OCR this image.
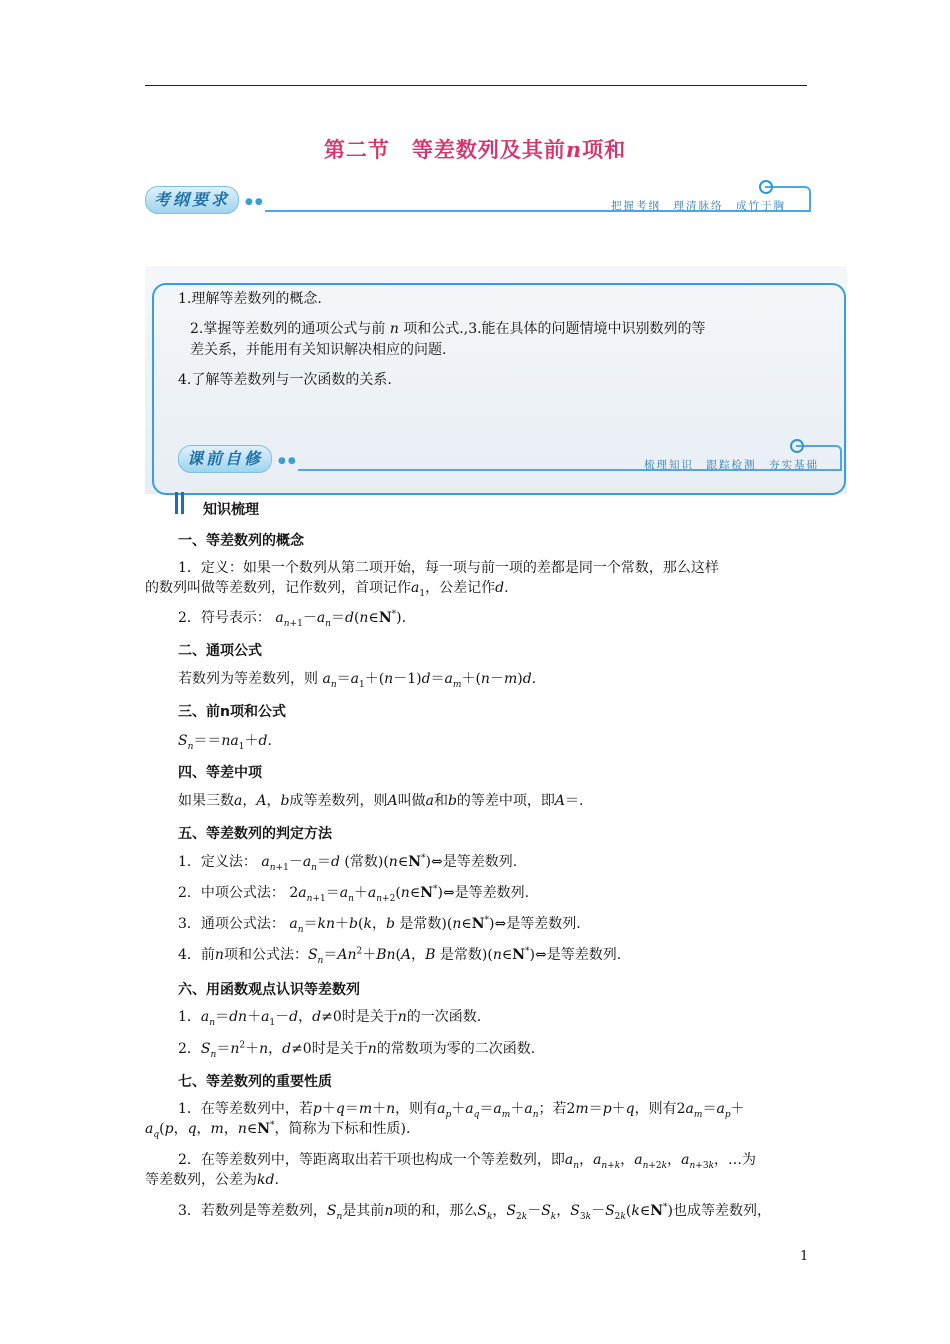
第二节　等差数列及其前n项和
考纲要求	●●	把握考纲　理清脉络　成竹于胸
1.理解等差数列的概念.
2.掌握等差数列的通项公式与前 n 项和公式.,3.能在具体的问题情境中识别数列的等
差关系，并能用有关知识解决相应的问题.
4.了解等差数列与一次函数的关系.
课前自修	●●	梳理知识　跟踪检测　夯实基础
知识梳理
一、等差数列的概念
1．定义：如果一个数列从第二项开始，每一项与前一项的差都是同一个常数，那么这样
的数列叫做等差数列，记作数列，首项记作$a_1$，公差记作d.
2．符号表示： $a_{n+1}-a_n=d(n\in N^*)$.
二、通项公式
若数列为等差数列，则 $a_n=a_1+(n-1)d=a_m+(n-m)d$.
三、前n项和公式
$S_n==na_1+d$.
四、等差中项
如果三数a，A，b成等差数列，则A叫做a和b的等差中项，即A＝.
五、等差数列的判定方法
1．定义法： $a_{n+1}-a_n=d$ (常数)(n∈N*)⇔是等差数列.
2．中项公式法： $2a_{n+1}=a_n+a_{n+2}(n\in N^*)\Leftrightarrow$是等差数列.
3．通项公式法： $a_n=kn+b(k$，b 是常数)(n∈N*)⇔是等差数列.
4．前n项和公式法：$S_n=An^2+Bn(A$，B 是常数)(n∈N*)⇔是等差数列.
六、用函数观点认识等差数列
1．$a_n=dn+a_1-d$，d≠0时是关于n的一次函数.
2．$S_n=n^2+n$，d≠0时是关于n的常数项为零的二次函数.
七、等差数列的重要性质
1．在等差数列中，若p＋q＝m＋n，则有$a_p+a_q=a_m+a_n$；若2m＝p＋q，则有$2a_m=a_p+$
$a_q(p$，q，m，n∈N*，简称为下标和性质).
2．在等差数列中，等距离取出若干项也构成一个等差数列，即$a_n$，$a_{n+k}$，$a_{n+2k}$，$a_{n+3k}$，…为
等差数列，公差为kd.
3．若数列是等差数列，$S_n$是其前n项的和，那么$S_k$，$S_{2k}-S_k$，$S_{3k}-S_{2k}(k\in N^*)$也成等差数列，
1
